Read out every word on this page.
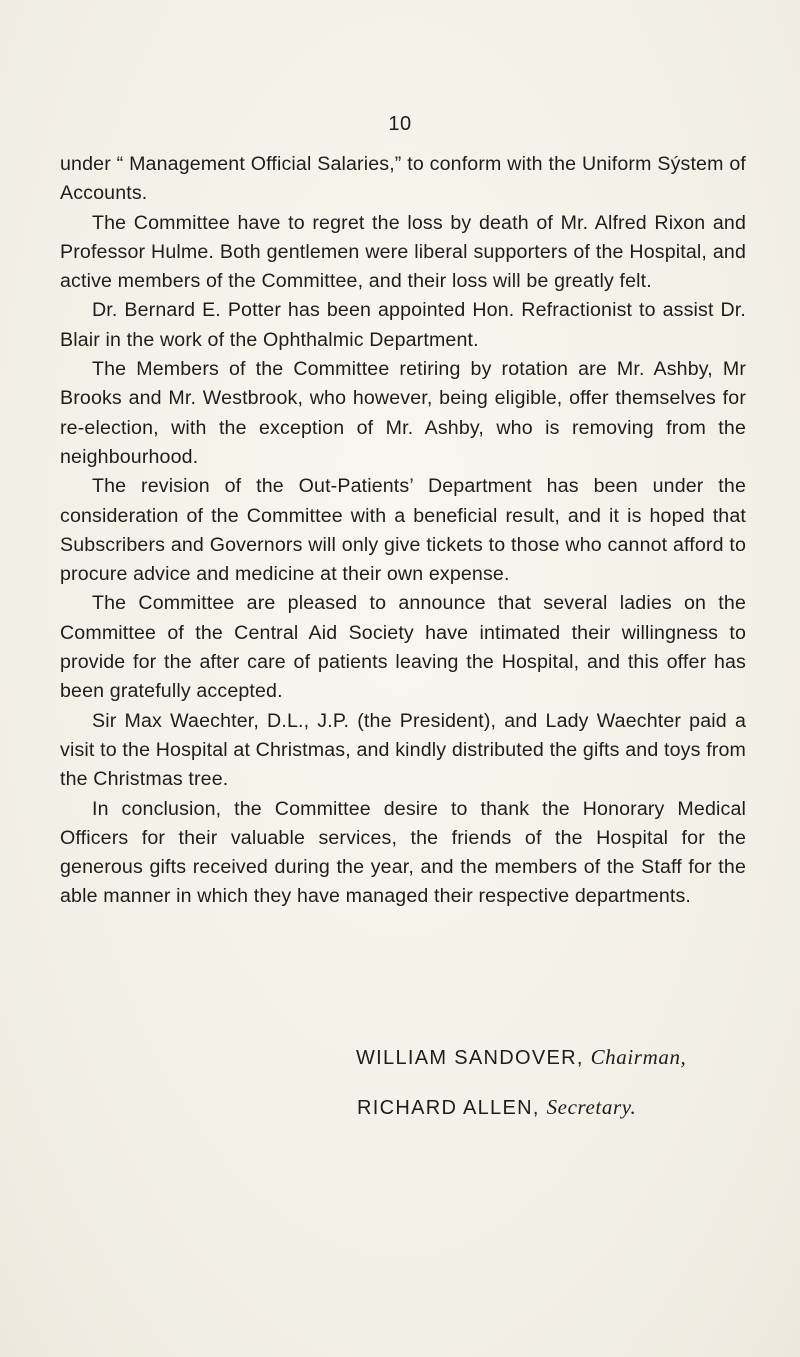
10

under “ Management Official Salaries,” to conform with the Uniform Sýstem of Accounts.

The Committee have to regret the loss by death of Mr. Alfred Rixon and Professor Hulme. Both gentlemen were liberal supporters of the Hospital, and active members of the Committee, and their loss will be greatly felt.

Dr. Bernard E. Potter has been appointed Hon. Refractionist to assist Dr. Blair in the work of the Ophthalmic Department.

The Members of the Committee retiring by rotation are Mr. Ashby, Mr Brooks and Mr. Westbrook, who however, being eligible, offer themselves for re-election, with the exception of Mr. Ashby, who is removing from the neighbourhood.

The revision of the Out-Patients’ Department has been under the consideration of the Committee with a beneficial result, and it is hoped that Subscribers and Governors will only give tickets to those who cannot afford to procure advice and medicine at their own expense.

The Committee are pleased to announce that several ladies on the Committee of the Central Aid Society have intimated their willingness to provide for the after care of patients leaving the Hospital, and this offer has been gratefully accepted.

Sir Max Waechter, D.L., J.P. (the President), and Lady Waechter paid a visit to the Hospital at Christmas, and kindly distributed the gifts and toys from the Christmas tree.

In conclusion, the Committee desire to thank the Honorary Medical Officers for their valuable services, the friends of the Hospital for the generous gifts received during the year, and the members of the Staff for the able manner in which they have managed their respective departments.

WILLIAM SANDOVER, Chairman,
RICHARD ALLEN, Secretary.
